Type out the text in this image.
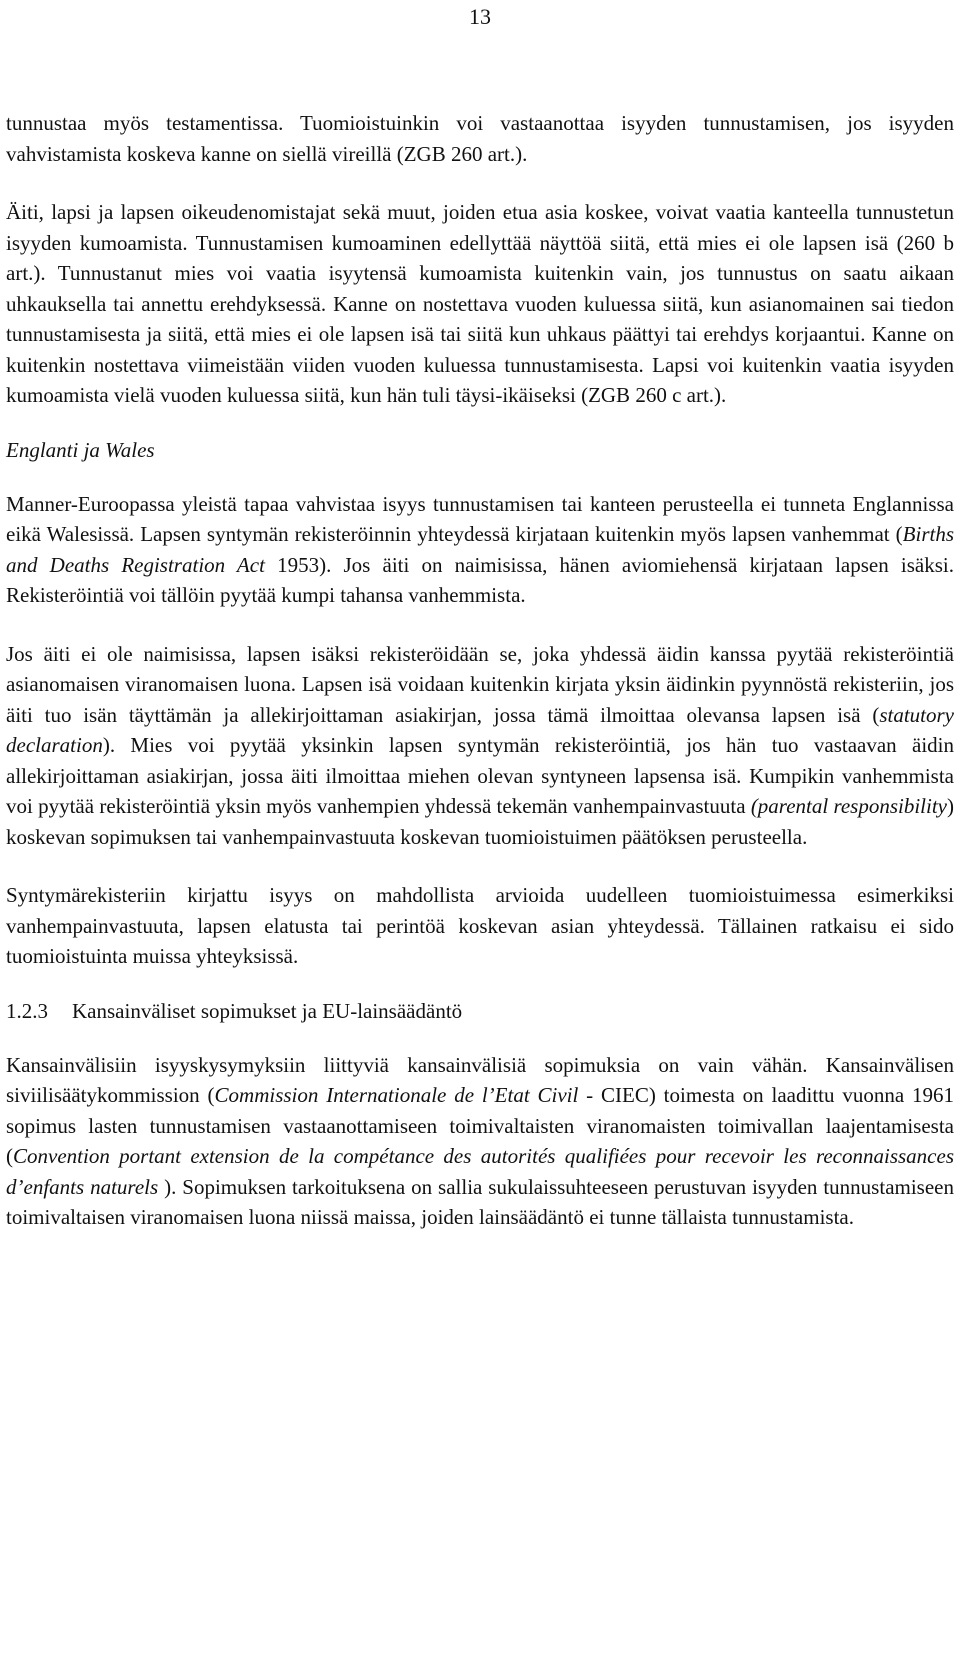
13

tunnustaa myös testamentissa. Tuomioistuinkin voi vastaanottaa isyyden tunnustamisen, jos isyyden vahvistamista koskeva kanne on siellä vireillä (ZGB 260 art.).

Äiti, lapsi ja lapsen oikeudenomistajat sekä muut, joiden etua asia koskee, voivat vaatia kanteella tunnustetun isyyden kumoamista. Tunnustamisen kumoaminen edellyttää näyttöä siitä, että mies ei ole lapsen isä (260 b art.). Tunnustanut mies voi vaatia isyytensä kumoamista kuitenkin vain, jos tunnustus on saatu aikaan uhkauksella tai annettu erehdyksessä. Kanne on nostettava vuoden kuluessa siitä, kun asianomainen sai tiedon tunnustamisesta ja siitä, että mies ei ole lapsen isä tai siitä kun uhkaus päättyi tai erehdys korjaantui. Kanne on kuitenkin nostettava viimeistään viiden vuoden kuluessa tunnustamisesta. Lapsi voi kuitenkin vaatia isyyden kumoamista vielä vuoden kuluessa siitä, kun hän tuli täysi-ikäiseksi (ZGB 260 c art.).

Englanti ja Wales

Manner-Euroopassa yleistä tapaa vahvistaa isyys tunnustamisen tai kanteen perusteella ei tunneta Englannissa eikä Walesissä. Lapsen syntymän rekisteröinnin yhteydessä kirjataan kuitenkin myös lapsen vanhemmat (Births and Deaths Registration Act 1953). Jos äiti on naimisissa, hänen aviomiehensä kirjataan lapsen isäksi. Rekisteröintiä voi tällöin pyytää kumpi tahansa vanhemmista.

Jos äiti ei ole naimisissa, lapsen isäksi rekisteröidään se, joka yhdessä äidin kanssa pyytää rekisteröintiä asianomaisen viranomaisen luona. Lapsen isä voidaan kuitenkin kirjata yksin äidinkin pyynnöstä rekisteriin, jos äiti tuo isän täyttämän ja allekirjoittaman asiakirjan, jossa tämä ilmoittaa olevansa lapsen isä (statutory declaration). Mies voi pyytää yksinkin lapsen syntymän rekisteröintiä, jos hän tuo vastaavan äidin allekirjoittaman asiakirjan, jossa äiti ilmoittaa miehen olevan syntyneen lapsensa isä. Kumpikin vanhemmista voi pyytää rekisteröintiä yksin myös vanhempien yhdessä tekemän vanhempainvastuuta (parental responsibility) koskevan sopimuksen tai vanhempainvastuuta koskevan tuomioistuimen päätöksen perusteella.

Syntymärekisteriin kirjattu isyys on mahdollista arvioida uudelleen tuomioistuimessa esimerkiksi vanhempainvastuuta, lapsen elatusta tai perintöä koskevan asian yhteydessä. Tällainen ratkaisu ei sido tuomioistuinta muissa yhteyksissä.

1.2.3 Kansainväliset sopimukset ja EU-lainsäädäntö

Kansainvälisiin isyyskysymyksiin liittyviä kansainvälisiä sopimuksia on vain vähän. Kansainvälisen siviilisäätykommission (Commission Internationale de l’Etat Civil - CIEC) toimesta on laadittu vuonna 1961 sopimus lasten tunnustamisen vastaanottamiseen toimivaltaisten viranomaisten toimivallan laajentamisesta (Convention portant extension de la compétance des autorités qualifiées pour recevoir les reconnaissances d’enfants naturels ). Sopimuksen tarkoituksena on sallia sukulaissuhteeseen perustuvan isyyden tunnustamiseen toimivaltaisen viranomaisen luona niissä maissa, joiden lainsäädäntö ei tunne tällaista tunnustamista.
